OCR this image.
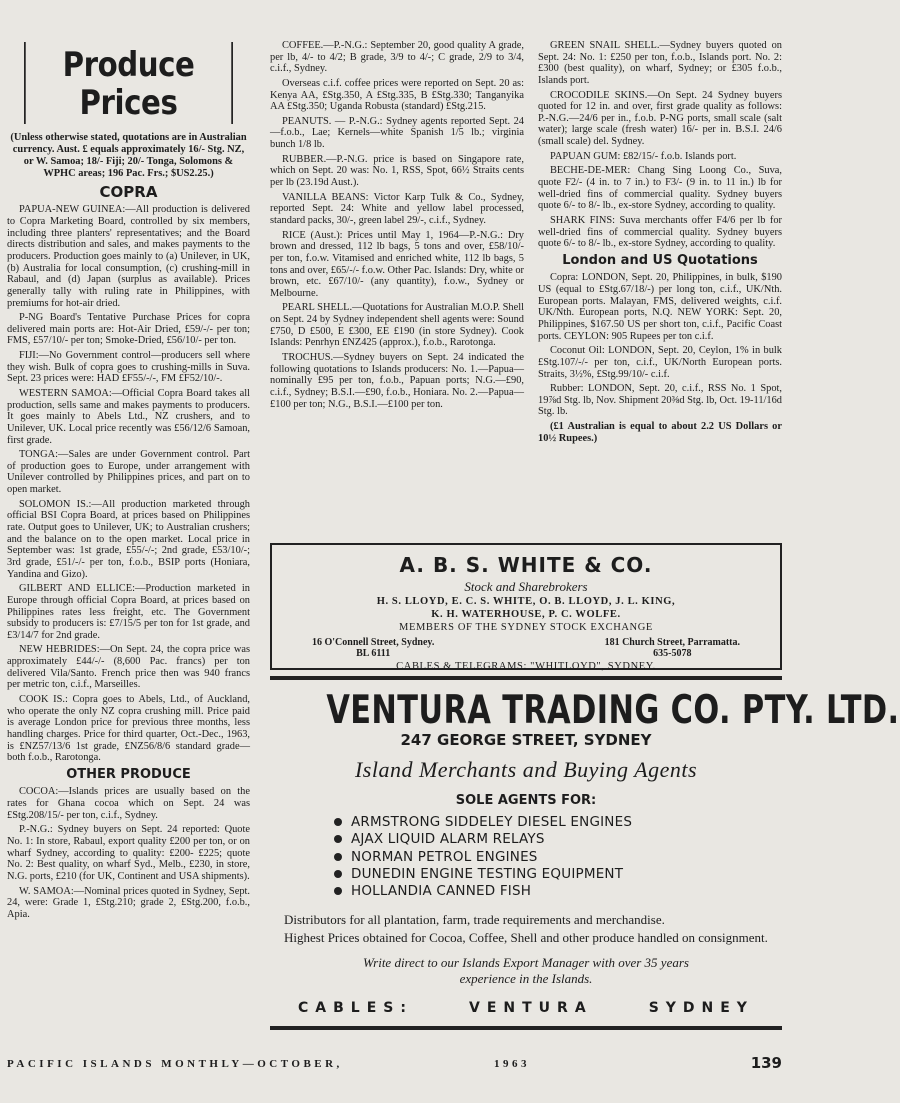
Produce Prices
(Unless otherwise stated, quotations are in Australian currency. Aust. £ equals approximately 16/- Stg. NZ, or W. Samoa; 18/- Fiji; 20/- Tonga, Solomons & WPHC areas; 196 Pac. Frs.; $US2.25.)
COPRA

PAPUA-NEW GUINEA:—All production is delivered to Copra Marketing Board, controlled by six members, including three planters' representatives; and the Board directs distribution and sales, and makes payments to the producers. Production goes mainly to (a) Unilever, in UK, (b) Australia for local consumption, (c) crushing-mill in Rabaul, and (d) Japan (surplus as available). Prices generally tally with ruling rate in Philippines, with premiums for hot-air dried.

P-NG Board's Tentative Purchase Prices for copra delivered main ports are: Hot-Air Dried, £59/-/- per ton; FMS, £57/10/- per ton; Smoke-Dried, £56/10/- per ton.

FIJI:—No Government control—producers sell where they wish. Bulk of copra goes to crushing-mills in Suva. Sept. 23 prices were: HAD £F55/-/-, FM £F52/10/-.

WESTERN SAMOA:—Official Copra Board takes all production, sells same and makes payments to producers. It goes mainly to Abels Ltd., NZ crushers, and to Unilever, UK. Local price recently was £56/12/6 Samoan, first grade.

TONGA:—Sales are under Government control. Part of production goes to Europe, under arrangement with Unilever controlled by Philippines prices, and part on to open market.

SOLOMON IS.:—All production marketed through official BSI Copra Board, at prices based on Philippines rate. Output goes to Unilever, UK; to Australian crushers; and the balance on to the open market. Local price in September was: 1st grade, £55/-/-; 2nd grade, £53/10/-; 3rd grade, £51/-/- per ton, f.o.b., BSIP ports (Honiara, Yandina and Gizo).

GILBERT AND ELLICE:—Production marketed in Europe through official Copra Board, at prices based on Philippines rates less freight, etc. The Government subsidy to producers is: £7/15/5 per ton for 1st grade, and £3/14/7 for 2nd grade.

NEW HEBRIDES:—On Sept. 24, the copra price was approximately £44/-/- (8,600 Pac. francs) per ton delivered Vila/Santo. French price then was 940 francs per metric ton, c.i.f., Marseilles.

COOK IS.: Copra goes to Abels, Ltd., of Auckland, who operate the only NZ copra crushing mill. Price paid is average London price for previous three months, less handling charges. Price for third quarter, Oct.-Dec., 1963, is £NZ57/13/6 1st grade, £NZ56/8/6 standard grade—both f.o.b., Rarotonga.

OTHER PRODUCE

COCOA:—Islands prices are usually based on the rates for Ghana cocoa which on Sept. 24 was £Stg.208/15/- per ton, c.i.f., Sydney.

P.-N.G.: Sydney buyers on Sept. 24 reported: Quote No. 1: In store, Rabaul, export quality £200 per ton, or on wharf Sydney, according to quality: £200- £225; quote No. 2: Best quality, on wharf Syd., Melb., £230, in store, N.G. ports, £210 (for UK, Continent and USA shipments).

W. SAMOA:—Nominal prices quoted in Sydney, Sept. 24, were: Grade 1, £Stg.210; grade 2, £Stg.200, f.o.b., Apia.

COFFEE.—P.-N.G.: September 20, good quality A grade, per lb, 4/- to 4/2; B grade, 3/9 to 4/-; C grade, 2/9 to 3/4, c.i.f., Sydney.

Overseas c.i.f. coffee prices were reported on Sept. 20 as: Kenya AA, £Stg.350, A £Stg.335, B £Stg.330; Tanganyika AA £Stg.350; Uganda Robusta (standard) £Stg.215.

PEANUTS. — P.-N.G.: Sydney agents reported Sept. 24—f.o.b., Lae; Kernels—white Spanish 1/5 lb.; virginia bunch 1/8 lb.

RUBBER.—P.-N.G. price is based on Singapore rate, which on Sept. 20 was: No. 1, RSS, Spot, 66½ Straits cents per lb (23.19d Aust.).

VANILLA BEANS: Victor Karp Tulk & Co., Sydney, reported Sept. 24: White and yellow label processed, standard packs, 30/-, green label 29/-, c.i.f., Sydney.

RICE (Aust.): Prices until May 1, 1964—P.-N.G.: Dry brown and dressed, 112 lb bags, 5 tons and over, £58/10/- per ton, f.o.w. Vitamised and enriched white, 112 lb bags, 5 tons and over, £65/-/- f.o.w. Other Pac. Islands: Dry, white or brown, etc. £67/10/- (any quantity), f.o.w., Sydney or Melbourne.

PEARL SHELL.—Quotations for Australian M.O.P. Shell on Sept. 24 by Sydney independent shell agents were: Sound £750, D £500, E £300, EE £190 (in store Sydney). Cook Islands: Penrhyn £NZ425 (approx.), f.o.b., Rarotonga.

TROCHUS.—Sydney buyers on Sept. 24 indicated the following quotations to Islands producers: No. 1.—Papua—nominally £95 per ton, f.o.b., Papuan ports; N.G.—£90, c.i.f., Sydney; B.S.I.—£90, f.o.b., Honiara. No. 2.—Papua—£100 per ton; N.G., B.S.I.—£100 per ton.

GREEN SNAIL SHELL.—Sydney buyers quoted on Sept. 24: No. 1: £250 per ton, f.o.b., Islands port. No. 2: £300 (best quality), on wharf, Sydney; or £305 f.o.b., Islands port.

CROCODILE SKINS.—On Sept. 24 Sydney buyers quoted for 12 in. and over, first grade quality as follows: P.-N.G.—24/6 per in., f.o.b. P-NG ports, small scale (salt water); large scale (fresh water) 16/- per in. B.S.I. 24/6 (small scale) del. Sydney.

PAPUAN GUM: £82/15/- f.o.b. Islands port.

BECHE-DE-MER: Chang Sing Loong Co., Suva, quote F2/- (4 in. to 7 in.) to F3/- (9 in. to 11 in.) lb for well-dried fins of commercial quality. Sydney buyers quote 6/- to 8/- lb., ex-store Sydney, according to quality.

SHARK FINS: Suva merchants offer F4/6 per lb for well-dried fins of commercial quality. Sydney buyers quote 6/- to 8/- lb., ex-store Sydney, according to quality.

London and US Quotations

Copra: LONDON, Sept. 20, Philippines, in bulk, $190 US (equal to £Stg.67/18/-) per long ton, c.i.f., UK/Nth. European ports. Malayan, FMS, delivered weights, c.i.f. UK/Nth. European ports, N.Q. NEW YORK: Sept. 20, Philippines, $167.50 US per short ton, c.i.f., Pacific Coast ports. CEYLON: 905 Rupees per ton c.i.f.

Coconut Oil: LONDON, Sept. 20, Ceylon, 1% in bulk £Stg.107/-/- per ton, c.i.f., UK/North European ports. Straits, 3½%, £Stg.99/10/- c.i.f.

Rubber: LONDON, Sept. 20, c.i.f., RSS No. 1 Spot, 19⅞d Stg. lb, Nov. Shipment 20⅜d Stg. lb, Oct. 19-11/16d Stg. lb.

(£1 Australian is equal to about 2.2 US Dollars or 10½ Rupees.)

A. B. S. WHITE & CO.
Stock and Sharebrokers
H. S. LLOYD, E. C. S. WHITE, O. B. LLOYD, J. L. KING,
K. H. WATERHOUSE, P. C. WOLFE.
MEMBERS OF THE SYDNEY STOCK EXCHANGE
16 O'Connell Street, Sydney.
BL 6111
181 Church Street, Parramatta.
635-5078
CABLES & TELEGRAMS: "WHITLOYD", SYDNEY.
VENTURA TRADING CO. PTY. LTD.
247 GEORGE STREET, SYDNEY
Island Merchants and Buying Agents
SOLE AGENTS FOR:
ARMSTRONG SIDDELEY DIESEL ENGINES
AJAX LIQUID ALARM RELAYS
NORMAN PETROL ENGINES
DUNEDIN ENGINE TESTING EQUIPMENT
HOLLANDIA CANNED FISH
Distributors for all plantation, farm, trade requirements and merchandise.
Highest Prices obtained for Cocoa, Coffee, Shell and other produce handled on consignment.
Write direct to our Islands Export Manager with over 35 years
experience in the Islands.
CABLES:	VENTURA	SYDNEY
PACIFIC ISLANDS MONTHLY—OCTOBER,	1963	139
